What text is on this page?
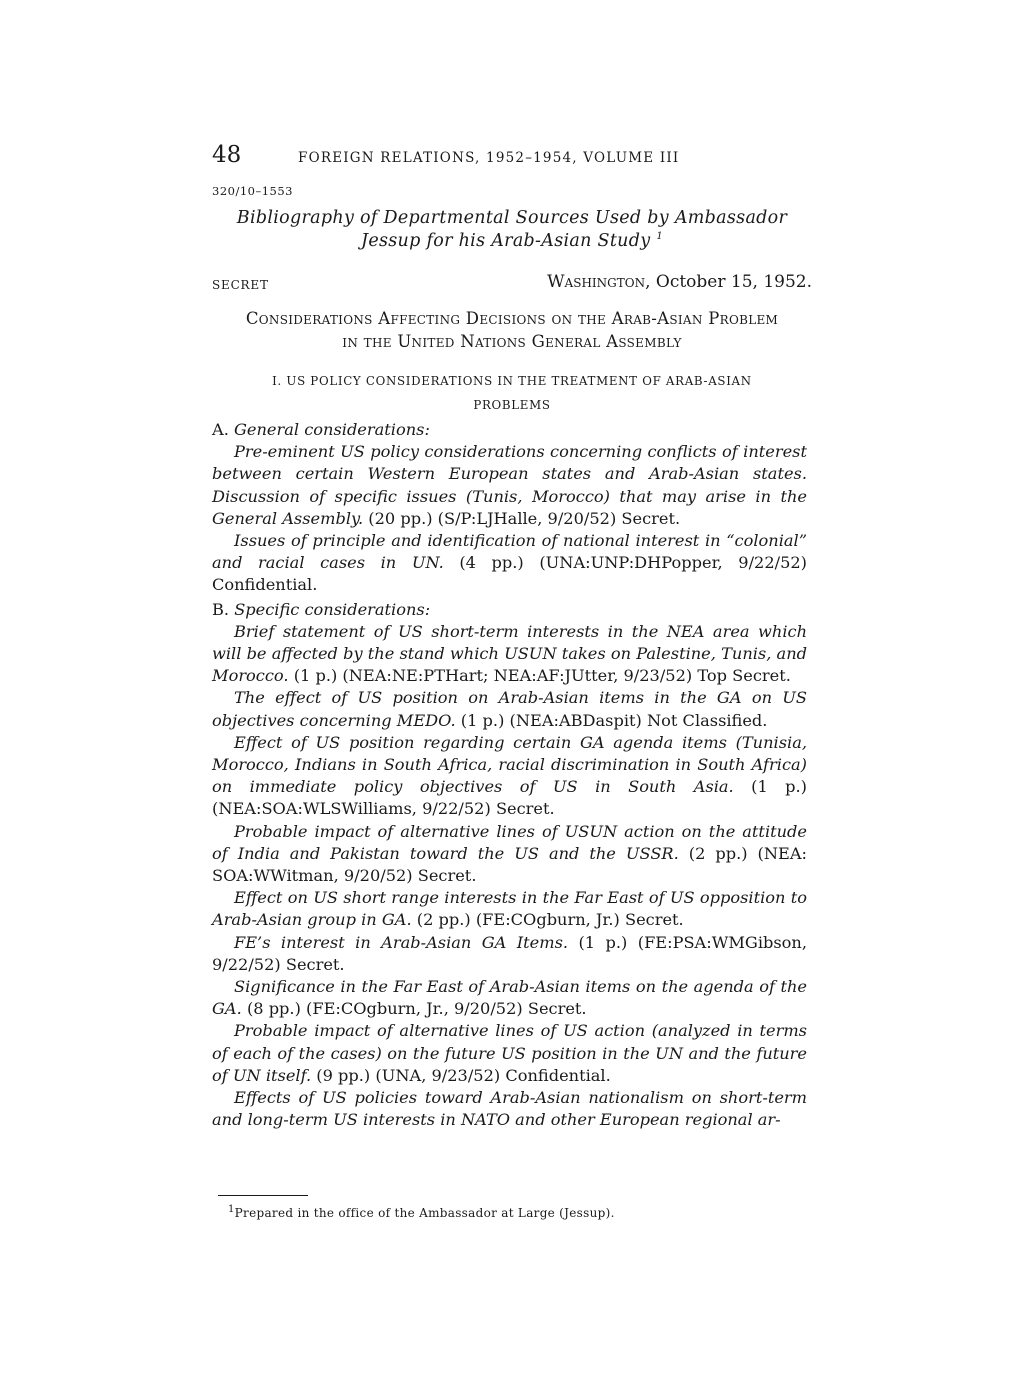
48	FOREIGN RELATIONS, 1952–1954, VOLUME III
320/10–1553
Bibliography of Departmental Sources Used by Ambassador
Jessup for his Arab-Asian Study $^1$
SECRET	Washington, October 15, 1952.
Considerations Affecting Decisions on the Arab-Asian Problem
in the United Nations General Assembly
I. US POLICY CONSIDERATIONS IN THE TREATMENT OF ARAB-ASIAN
PROBLEMS

A. General considerations:

Pre-eminent US policy considerations concerning conflicts of interest between certain Western European states and Arab-Asian states. Discussion of specific issues (Tunis, Morocco) that may arise in the General Assembly. (20 pp.) (S/P:LJHalle, 9/20/52) Secret.

Issues of principle and identification of national interest in “colonial” and racial cases in UN. (4 pp.) (UNA:UNP:DHPopper, 9/22/52) Confidential.

B. Specific considerations:

Brief statement of US short-term interests in the NEA area which will be affected by the stand which USUN takes on Palestine, Tunis, and Morocco. (1 p.) (NEA:NE:PTHart; NEA:AF:JUtter, 9/23/52) Top Secret.

The effect of US position on Arab-Asian items in the GA on US objectives concerning MEDO. (1 p.) (NEA:ABDaspit) Not Classified.

Effect of US position regarding certain GA agenda items (Tunisia, Morocco, Indians in South Africa, racial discrimination in South Africa) on immediate policy objectives of US in South Asia. (1 p.) (NEA:SOA:WLSWilliams, 9/22/52) Secret.

Probable impact of alternative lines of USUN action on the attitude of India and Pakistan toward the US and the USSR. (2 pp.) (NEA: SOA:WWitman, 9/20/52) Secret.

Effect on US short range interests in the Far East of US opposition to Arab-Asian group in GA. (2 pp.) (FE:COgburn, Jr.) Secret.

FE’s interest in Arab-Asian GA Items. (1 p.) (FE:PSA:WMGibson, 9/22/52) Secret.

Significance in the Far East of Arab-Asian items on the agenda of the GA. (8 pp.) (FE:COgburn, Jr., 9/20/52) Secret.

Probable impact of alternative lines of US action (analyzed in terms of each of the cases) on the future US position in the UN and the future of UN itself. (9 pp.) (UNA, 9/23/52) Confidential.

Effects of US policies toward Arab-Asian nationalism on short-term and long-term US interests in NATO and other European regional ar-

$^1$Prepared in the office of the Ambassador at Large (Jessup).
